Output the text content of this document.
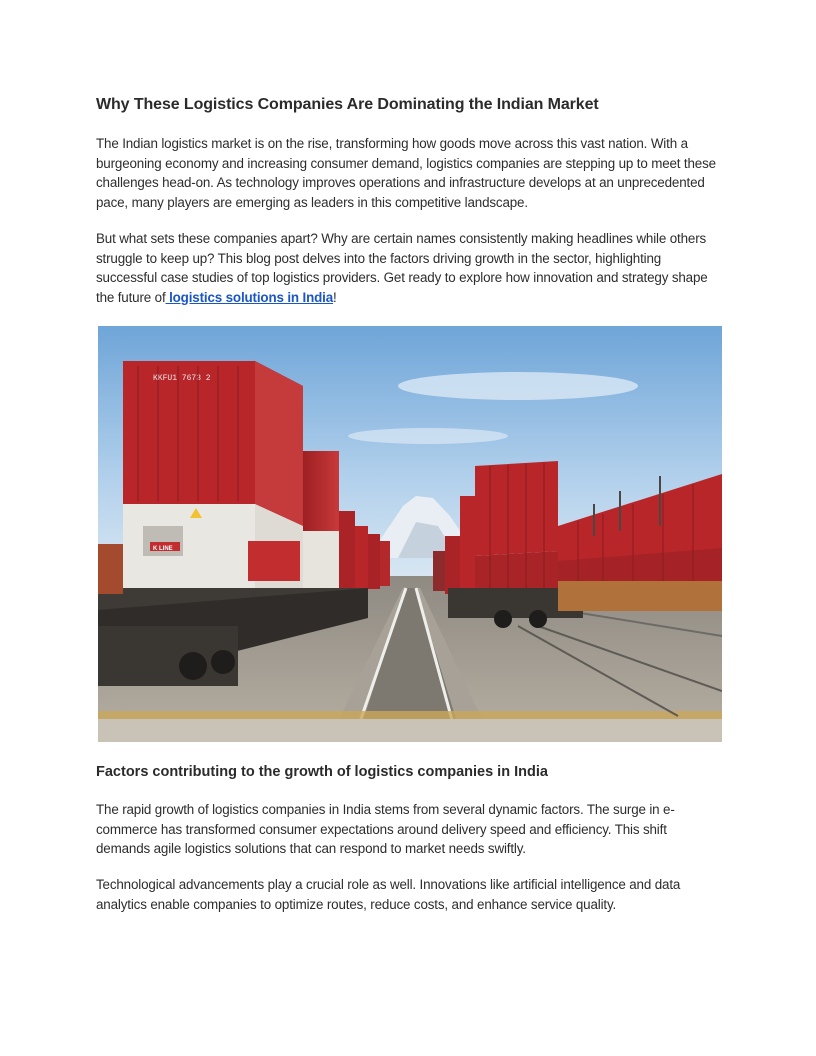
Why These Logistics Companies Are Dominating the Indian Market

The Indian logistics market is on the rise, transforming how goods move across this vast nation. With a burgeoning economy and increasing consumer demand, logistics companies are stepping up to meet these challenges head-on. As technology improves operations and infrastructure develops at an unprecedented pace, many players are emerging as leaders in this competitive landscape.

But what sets these companies apart? Why are certain names consistently making headlines while others struggle to keep up? This blog post delves into the factors driving growth in the sector, highlighting successful case studies of top logistics providers. Get ready to explore how innovation and strategy shape the future of logistics solutions in India!

KKFU1 7673 2
K LINE
Factors contributing to the growth of logistics companies in India

The rapid growth of logistics companies in India stems from several dynamic factors. The surge in e-commerce has transformed consumer expectations around delivery speed and efficiency. This shift demands agile logistics solutions that can respond to market needs swiftly.

Technological advancements play a crucial role as well. Innovations like artificial intelligence and data analytics enable companies to optimize routes, reduce costs, and enhance service quality.
